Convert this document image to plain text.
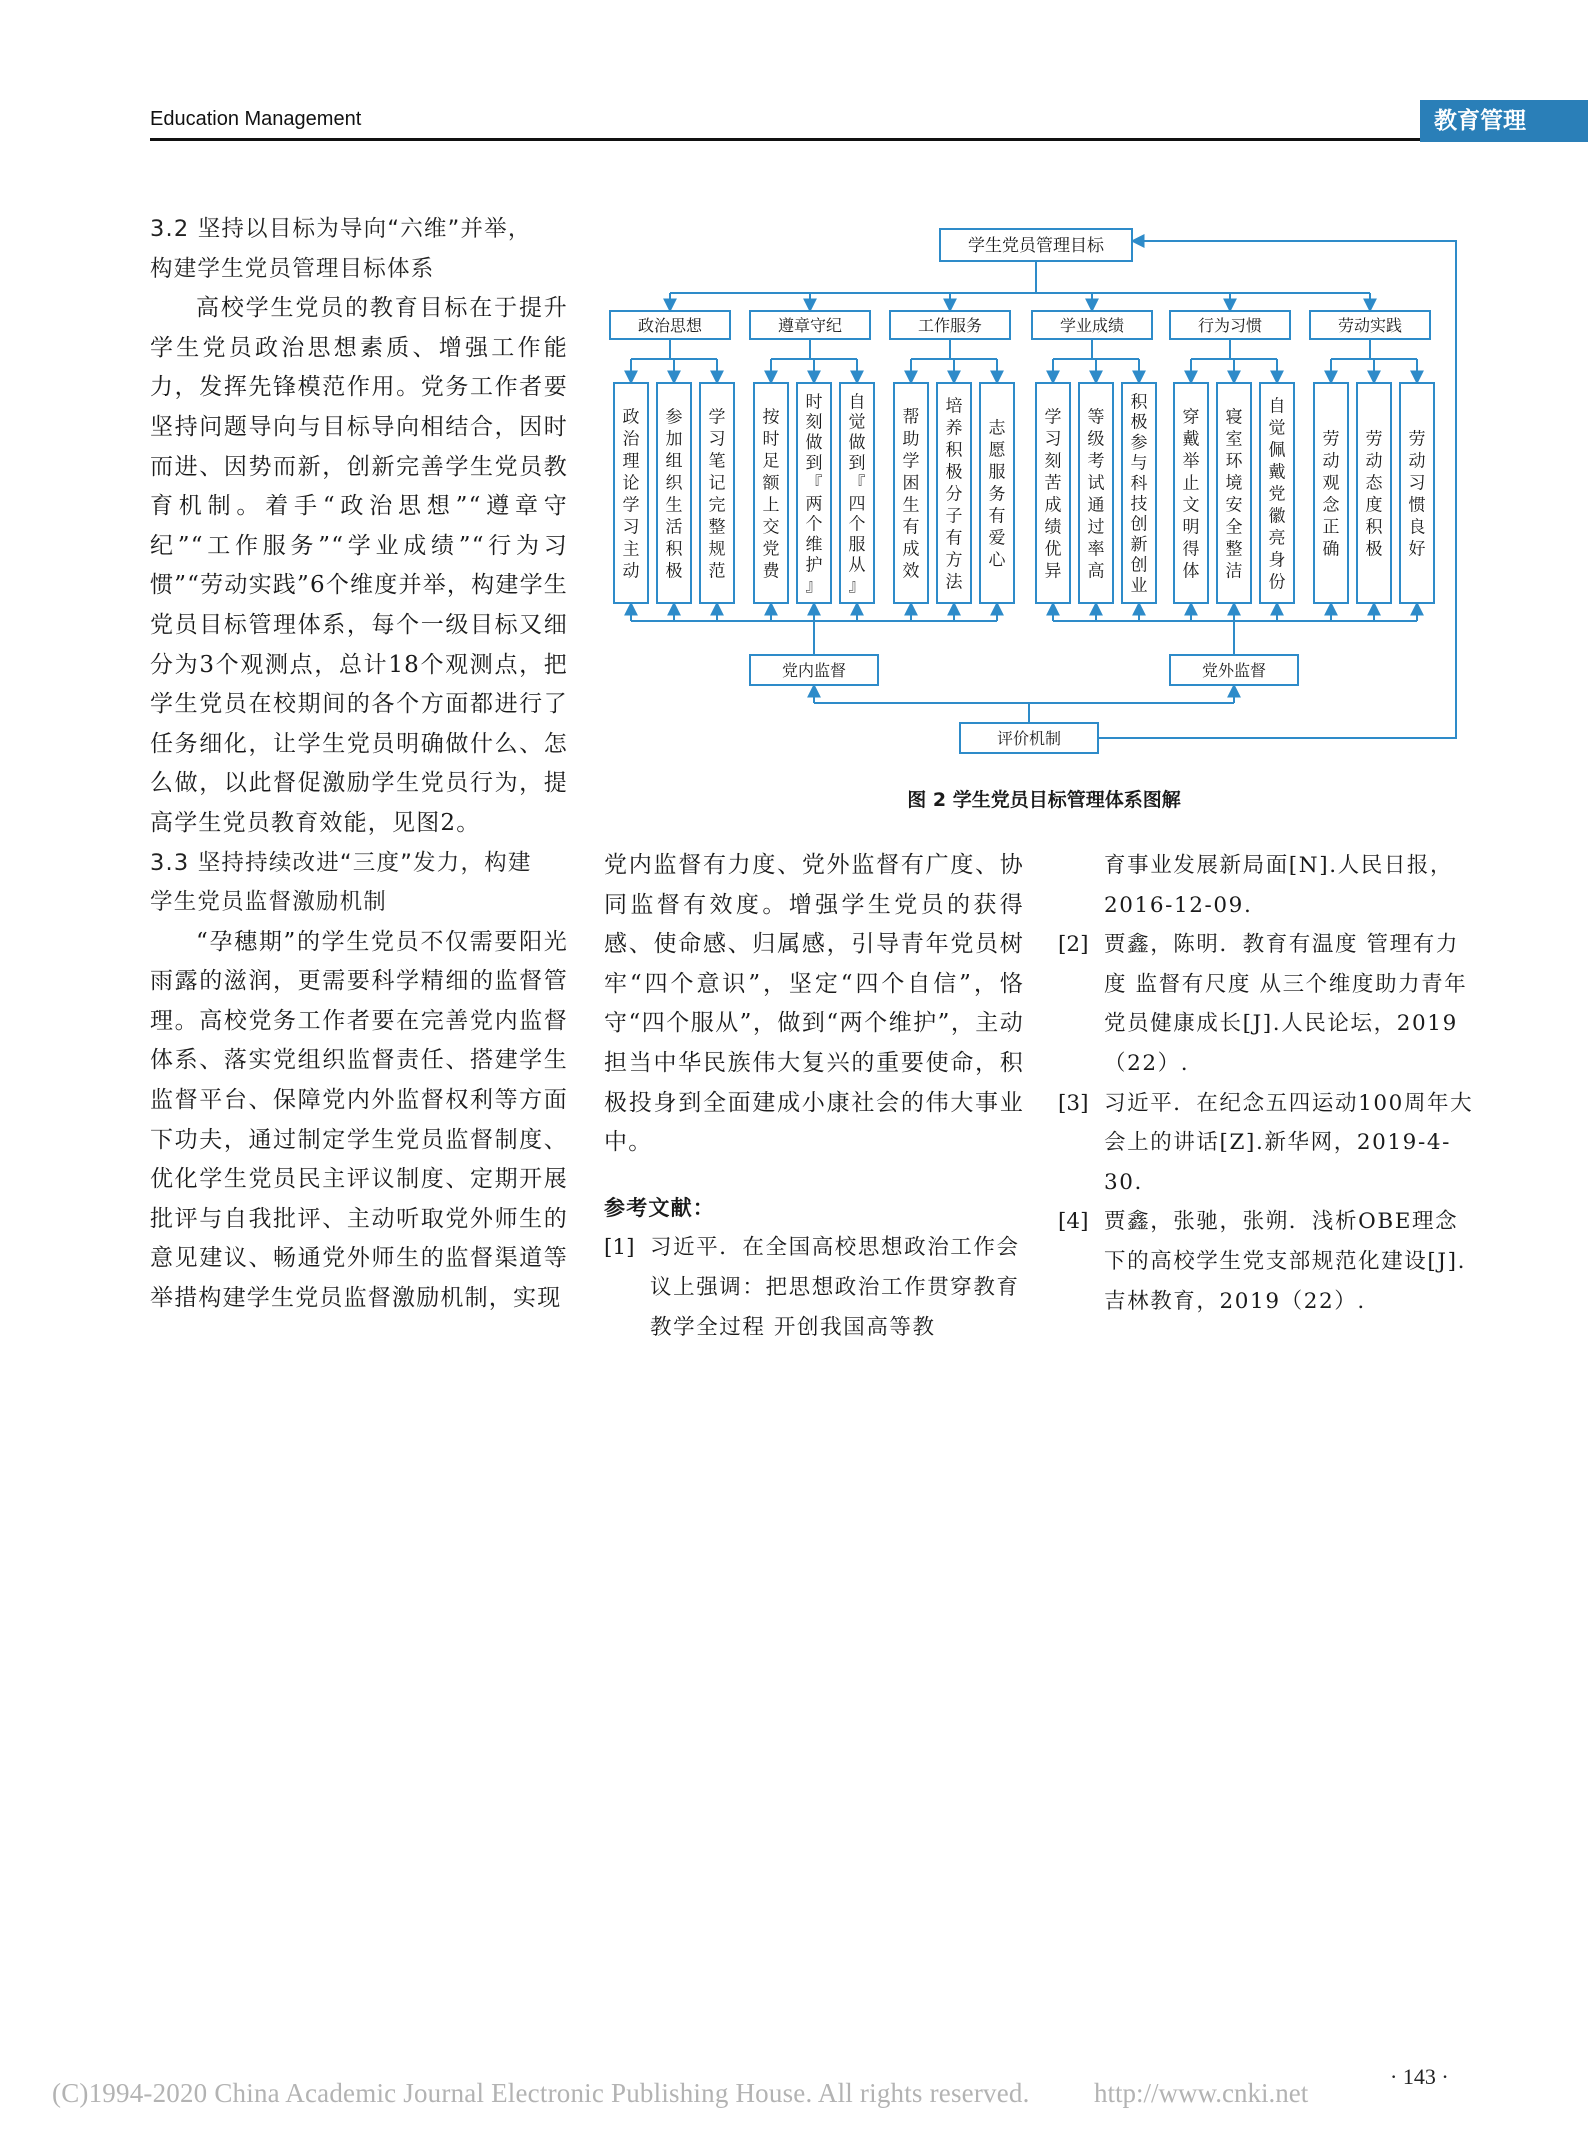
Education Management	教育管理
3.2 坚持以目标为导向“六维”并举，
构建学生党员管理目标体系

高校学生党员的教育目标在于提升学生党员政治思想素质、增强工作能力，发挥先锋模范作用。党务工作者要坚持问题导向与目标导向相结合，因时而进、因势而新，创新完善学生党员教育机制。着手“政治思想”“遵章守纪”“工作服务”“学业成绩”“行为习惯”“劳动实践”6个维度并举，构建学生党员目标管理体系，每个一级目标又细分为3个观测点，总计18个观测点，把学生党员在校期间的各个方面都进行了任务细化，让学生党员明确做什么、怎么做，以此督促激励学生党员行为，提高学生党员教育效能，见图2。

3.3 坚持持续改进“三度”发力，构建
学生党员监督激励机制

“孕穗期”的学生党员不仅需要阳光雨露的滋润，更需要科学精细的监督管理。高校党务工作者要在完善党内监督体系、落实党组织监督责任、搭建学生监督平台、保障党内外监督权利等方面下功夫，通过制定学生党员监督制度、优化学生党员民主评议制度、定期开展批评与自我批评、主动听取党外师生的意见建议、畅通党外师生的监督渠道等举措构建学生党员监督激励机制，实现

学生党员管理目标
政治思想
政
治
理
论
学
习
主
动
参
加
组
织
生
活
积
极
学
习
笔
记
完
整
规
范
遵章守纪
按
时
足
额
上
交
党
费
时
刻
做
到
『
两
个
维
护
』
自
觉
做
到
『
四
个
服
从
』
工作服务
帮
助
学
困
生
有
成
效
培
养
积
极
分
子
有
方
法
志
愿
服
务
有
爱
心
学业成绩
学
习
刻
苦
成
绩
优
异
等
级
考
试
通
过
率
高
积
极
参
与
科
技
创
新
创
业
行为习惯
穿
戴
举
止
文
明
得
体
寝
室
环
境
安
全
整
洁
自
觉
佩
戴
党
徽
亮
身
份
劳动实践
劳
动
观
念
正
确
劳
动
态
度
积
极
劳
动
习
惯
良
好
党内监督	党外监督
评价机制
图 2 学生党员目标管理体系图解

党内监督有力度、党外监督有广度、协同监督有效度。增强学生党员的获得感、使命感、归属感，引导青年党员树牢“四个意识”，坚定“四个自信”，恪守“四个服从”，做到“两个维护”，主动担当中华民族伟大复兴的重要使命，积极投身到全面建成小康社会的伟大事业中。

参考文献：
[1] 习近平．在全国高校思想政治工作会议上强调：把思想政治工作贯穿教育教学全过程 开创我国高等教
育事业发展新局面[N].人民日报，2016-12-09.
[2] 贾鑫，陈明．教育有温度 管理有力度 监督有尺度 从三个维度助力青年党员健康成长[J].人民论坛，2019（22）.
[3] 习近平．在纪念五四运动100周年大会上的讲话[Z].新华网，2019-4-30.
[4] 贾鑫，张驰，张朔．浅析OBE理念下的高校学生党支部规范化建设[J].吉林教育，2019（22）.
(C)1994-2020 China Academic Journal Electronic Publishing House. All rights reserved. http://www.cnki.net
· 143 ·
